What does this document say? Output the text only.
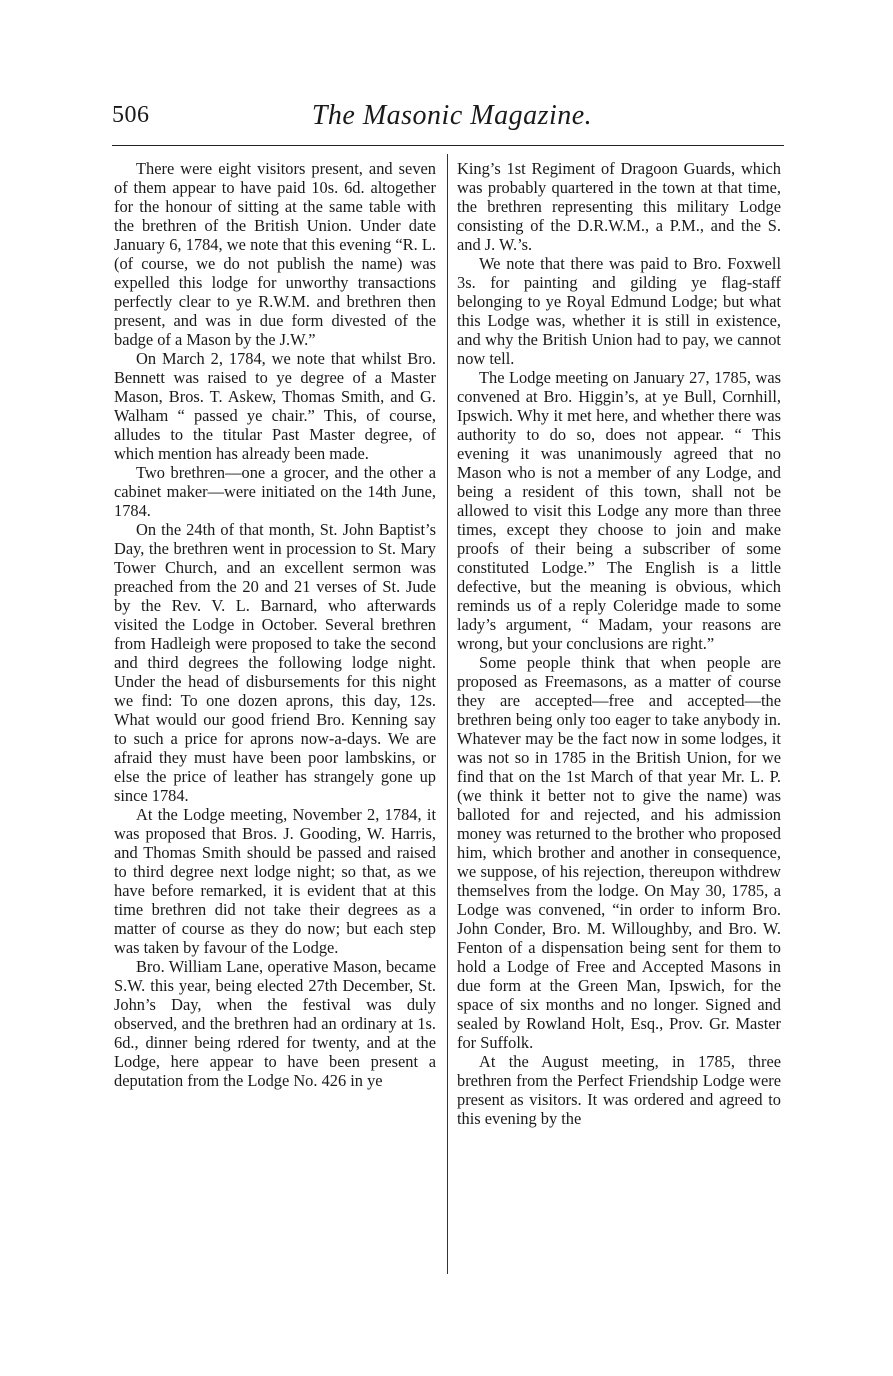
506	The Masonic Magazine.

There were eight visitors present, and seven of them appear to have paid 10s. 6d. altogether for the honour of sitting at the same table with the brethren of the British Union. Under date January 6, 1784, we note that this evening “R. L. (of course, we do not publish the name) was expelled this lodge for unworthy transactions perfectly clear to ye R.W.M. and brethren then present, and was in due form divested of the badge of a Mason by the J.W.”

On March 2, 1784, we note that whilst Bro. Bennett was raised to ye degree of a Master Mason, Bros. T. Askew, Thomas Smith, and G. Walham “ passed ye chair.” This, of course, alludes to the titular Past Master degree, of which mention has already been made.

Two brethren—one a grocer, and the other a cabinet maker—were initiated on the 14th June, 1784.

On the 24th of that month, St. John Baptist’s Day, the brethren went in procession to St. Mary Tower Church, and an excellent sermon was preached from the 20 and 21 verses of St. Jude by the Rev. V. L. Barnard, who afterwards visited the Lodge in October. Several brethren from Hadleigh were proposed to take the second and third degrees the following lodge night. Under the head of disbursements for this night we find: To one dozen aprons, this day, 12s. What would our good friend Bro. Kenning say to such a price for aprons now-a-days. We are afraid they must have been poor lambskins, or else the price of leather has strangely gone up since 1784.

At the Lodge meeting, November 2, 1784, it was proposed that Bros. J. Gooding, W. Harris, and Thomas Smith should be passed and raised to third degree next lodge night; so that, as we have before remarked, it is evident that at this time brethren did not take their degrees as a matter of course as they do now; but each step was taken by favour of the Lodge.

Bro. William Lane, operative Mason, became S.W. this year, being elected 27th December, St. John’s Day, when the festival was duly observed, and the brethren had an ordinary at 1s. 6d., dinner being rdered for twenty, and at the Lodge, here appear to have been present a deputation from the Lodge No. 426 in ye

King’s 1st Regiment of Dragoon Guards, which was probably quartered in the town at that time, the brethren representing this military Lodge consisting of the D.R.W.M., a P.M., and the S. and J. W.’s.

We note that there was paid to Bro. Foxwell 3s. for painting and gilding ye flag-staff belonging to ye Royal Edmund Lodge; but what this Lodge was, whether it is still in existence, and why the British Union had to pay, we cannot now tell.

The Lodge meeting on January 27, 1785, was convened at Bro. Higgin’s, at ye Bull, Cornhill, Ipswich. Why it met here, and whether there was authority to do so, does not appear. “ This evening it was unanimously agreed that no Mason who is not a member of any Lodge, and being a resident of this town, shall not be allowed to visit this Lodge any more than three times, except they choose to join and make proofs of their being a subscriber of some constituted Lodge.” The English is a little defective, but the meaning is obvious, which reminds us of a reply Coleridge made to some lady’s argument, “ Madam, your reasons are wrong, but your conclusions are right.”

Some people think that when people are proposed as Freemasons, as a matter of course they are accepted—free and accepted—the brethren being only too eager to take anybody in. Whatever may be the fact now in some lodges, it was not so in 1785 in the British Union, for we find that on the 1st March of that year Mr. L. P. (we think it better not to give the name) was balloted for and rejected, and his admission money was returned to the brother who proposed him, which brother and another in consequence, we suppose, of his rejection, thereupon withdrew themselves from the lodge. On May 30, 1785, a Lodge was convened, “in order to inform Bro. John Conder, Bro. M. Willoughby, and Bro. W. Fenton of a dispensation being sent for them to hold a Lodge of Free and Accepted Masons in due form at the Green Man, Ipswich, for the space of six months and no longer. Signed and sealed by Rowland Holt, Esq., Prov. Gr. Master for Suffolk.

At the August meeting, in 1785, three brethren from the Perfect Friendship Lodge were present as visitors. It was ordered and agreed to this evening by the
